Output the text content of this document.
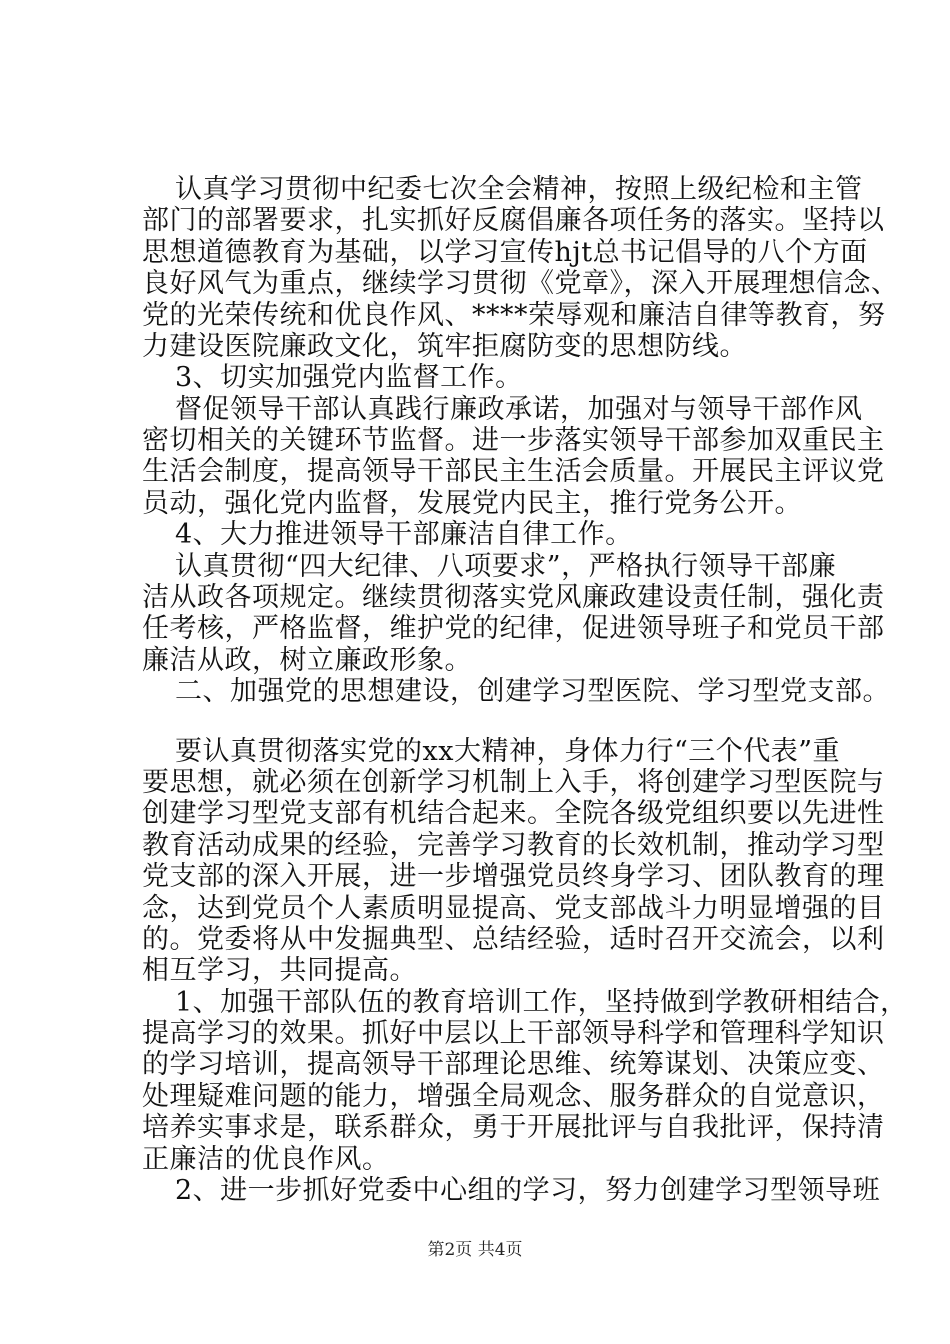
认真学习贯彻中纪委七次全会精神，按照上级纪检和主管
部门的部署要求，扎实抓好反腐倡廉各项任务的落实。坚持以
思想道德教育为基础，以学习宣传hjt总书记倡导的八个方面
良好风气为重点，继续学习贯彻《党章》，深入开展理想信念、
党的光荣传统和优良作风、****荣辱观和廉洁自律等教育，努
力建设医院廉政文化，筑牢拒腐防变的思想防线。
3、切实加强党内监督工作。
督促领导干部认真践行廉政承诺，加强对与领导干部作风
密切相关的关键环节监督。进一步落实领导干部参加双重民主
生活会制度，提高领导干部民主生活会质量。开展民主评议党
员动，强化党内监督，发展党内民主，推行党务公开。
4、大力推进领导干部廉洁自律工作。
认真贯彻“四大纪律、八项要求”，严格执行领导干部廉
洁从政各项规定。继续贯彻落实党风廉政建设责任制，强化责
任考核，严格监督，维护党的纪律，促进领导班子和党员干部
廉洁从政，树立廉政形象。
二、加强党的思想建设，创建学习型医院、学习型党支部。
要认真贯彻落实党的xx大精神，身体力行“三个代表”重
要思想，就必须在创新学习机制上入手，将创建学习型医院与
创建学习型党支部有机结合起来。全院各级党组织要以先进性
教育活动成果的经验，完善学习教育的长效机制，推动学习型
党支部的深入开展，进一步增强党员终身学习、团队教育的理
念，达到党员个人素质明显提高、党支部战斗力明显增强的目
的。党委将从中发掘典型、总结经验，适时召开交流会，以利
相互学习，共同提高。
1、加强干部队伍的教育培训工作，坚持做到学教研相结合，
提高学习的效果。抓好中层以上干部领导科学和管理科学知识
的学习培训，提高领导干部理论思维、统筹谋划、决策应变、
处理疑难问题的能力，增强全局观念、服务群众的自觉意识，
培养实事求是，联系群众，勇于开展批评与自我批评，保持清
正廉洁的优良作风。
2、进一步抓好党委中心组的学习，努力创建学习型领导班
第2页 共4页
